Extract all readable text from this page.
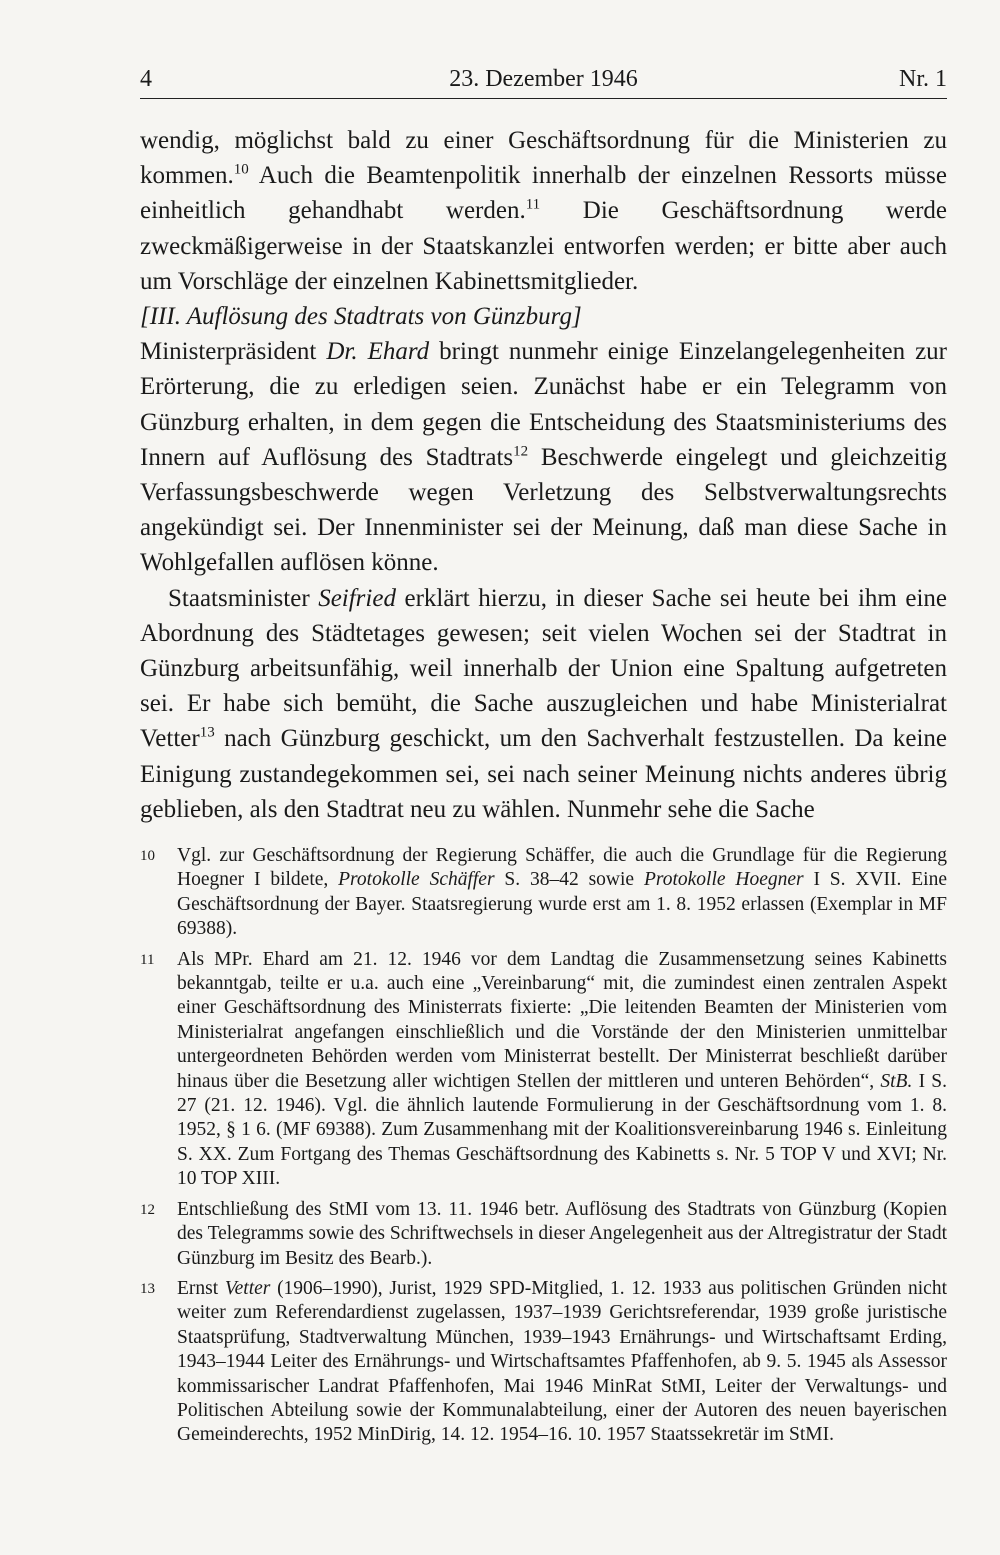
4	23. Dezember 1946	Nr. 1

wendig, möglichst bald zu einer Geschäftsordnung für die Ministerien zu kommen.$^{10}$ Auch die Beamtenpolitik innerhalb der einzelnen Ressorts müsse einheitlich gehandhabt werden.$^{11}$ Die Geschäftsordnung werde zweckmäßigerweise in der Staatskanzlei entworfen werden; er bitte aber auch um Vorschläge der einzelnen Kabinettsmitglieder.

[III. Auflösung des Stadtrats von Günzburg]

Ministerpräsident Dr. Ehard bringt nunmehr einige Einzelangelegenheiten zur Erörterung, die zu erledigen seien. Zunächst habe er ein Telegramm von Günzburg erhalten, in dem gegen die Entscheidung des Staatsministeriums des Innern auf Auflösung des Stadtrats$^{12}$ Beschwerde eingelegt und gleichzeitig Verfassungsbeschwerde wegen Verletzung des Selbstverwaltungsrechts angekündigt sei. Der Innenminister sei der Meinung, daß man diese Sache in Wohlgefallen auflösen könne.

Staatsminister Seifried erklärt hierzu, in dieser Sache sei heute bei ihm eine Abordnung des Städtetages gewesen; seit vielen Wochen sei der Stadtrat in Günzburg arbeitsunfähig, weil innerhalb der Union eine Spaltung aufgetreten sei. Er habe sich bemüht, die Sache auszugleichen und habe Ministerialrat Vetter$^{13}$ nach Günzburg geschickt, um den Sachverhalt festzustellen. Da keine Einigung zustandegekommen sei, sei nach seiner Meinung nichts anderes übrig geblieben, als den Stadtrat neu zu wählen. Nunmehr sehe die Sache

10 Vgl. zur Geschäftsordnung der Regierung Schäffer, die auch die Grundlage für die Regierung Hoegner I bildete, Protokolle Schäffer S. 38–42 sowie Protokolle Hoegner I S. XVII. Eine Geschäftsordnung der Bayer. Staatsregierung wurde erst am 1. 8. 1952 erlassen (Exemplar in MF 69388).
11 Als MPr. Ehard am 21. 12. 1946 vor dem Landtag die Zusammensetzung seines Kabinetts bekanntgab, teilte er u.a. auch eine „Vereinbarung“ mit, die zumindest einen zentralen Aspekt einer Geschäftsordnung des Ministerrats fixierte: „Die leitenden Beamten der Ministerien vom Ministerialrat angefangen einschließlich und die Vorstände der den Ministerien unmittelbar untergeordneten Behörden werden vom Ministerrat bestellt. Der Ministerrat beschließt darüber hinaus über die Besetzung aller wichtigen Stellen der mittleren und unteren Behörden“, StB. I S. 27 (21. 12. 1946). Vgl. die ähnlich lautende Formulierung in der Geschäftsordnung vom 1. 8. 1952, § 1 6. (MF 69388). Zum Zusammenhang mit der Koalitionsvereinbarung 1946 s. Einleitung S. XX. Zum Fortgang des Themas Geschäftsordnung des Kabinetts s. Nr. 5 TOP V und XVI; Nr. 10 TOP XIII.
12 Entschließung des StMI vom 13. 11. 1946 betr. Auflösung des Stadtrats von Günzburg (Kopien des Telegramms sowie des Schriftwechsels in dieser Angelegenheit aus der Altregistratur der Stadt Günzburg im Besitz des Bearb.).
13 Ernst Vetter (1906–1990), Jurist, 1929 SPD-Mitglied, 1. 12. 1933 aus politischen Gründen nicht weiter zum Referendardienst zugelassen, 1937–1939 Gerichtsreferendar, 1939 große juristische Staatsprüfung, Stadtverwaltung München, 1939–1943 Ernährungs- und Wirtschaftsamt Erding, 1943–1944 Leiter des Ernährungs- und Wirtschaftsamtes Pfaffenhofen, ab 9. 5. 1945 als Assessor kommissarischer Landrat Pfaffenhofen, Mai 1946 MinRat StMI, Leiter der Verwaltungs- und Politischen Abteilung sowie der Kommunalabteilung, einer der Autoren des neuen bayerischen Gemeinderechts, 1952 MinDirig, 14. 12. 1954–16. 10. 1957 Staatssekretär im StMI.
